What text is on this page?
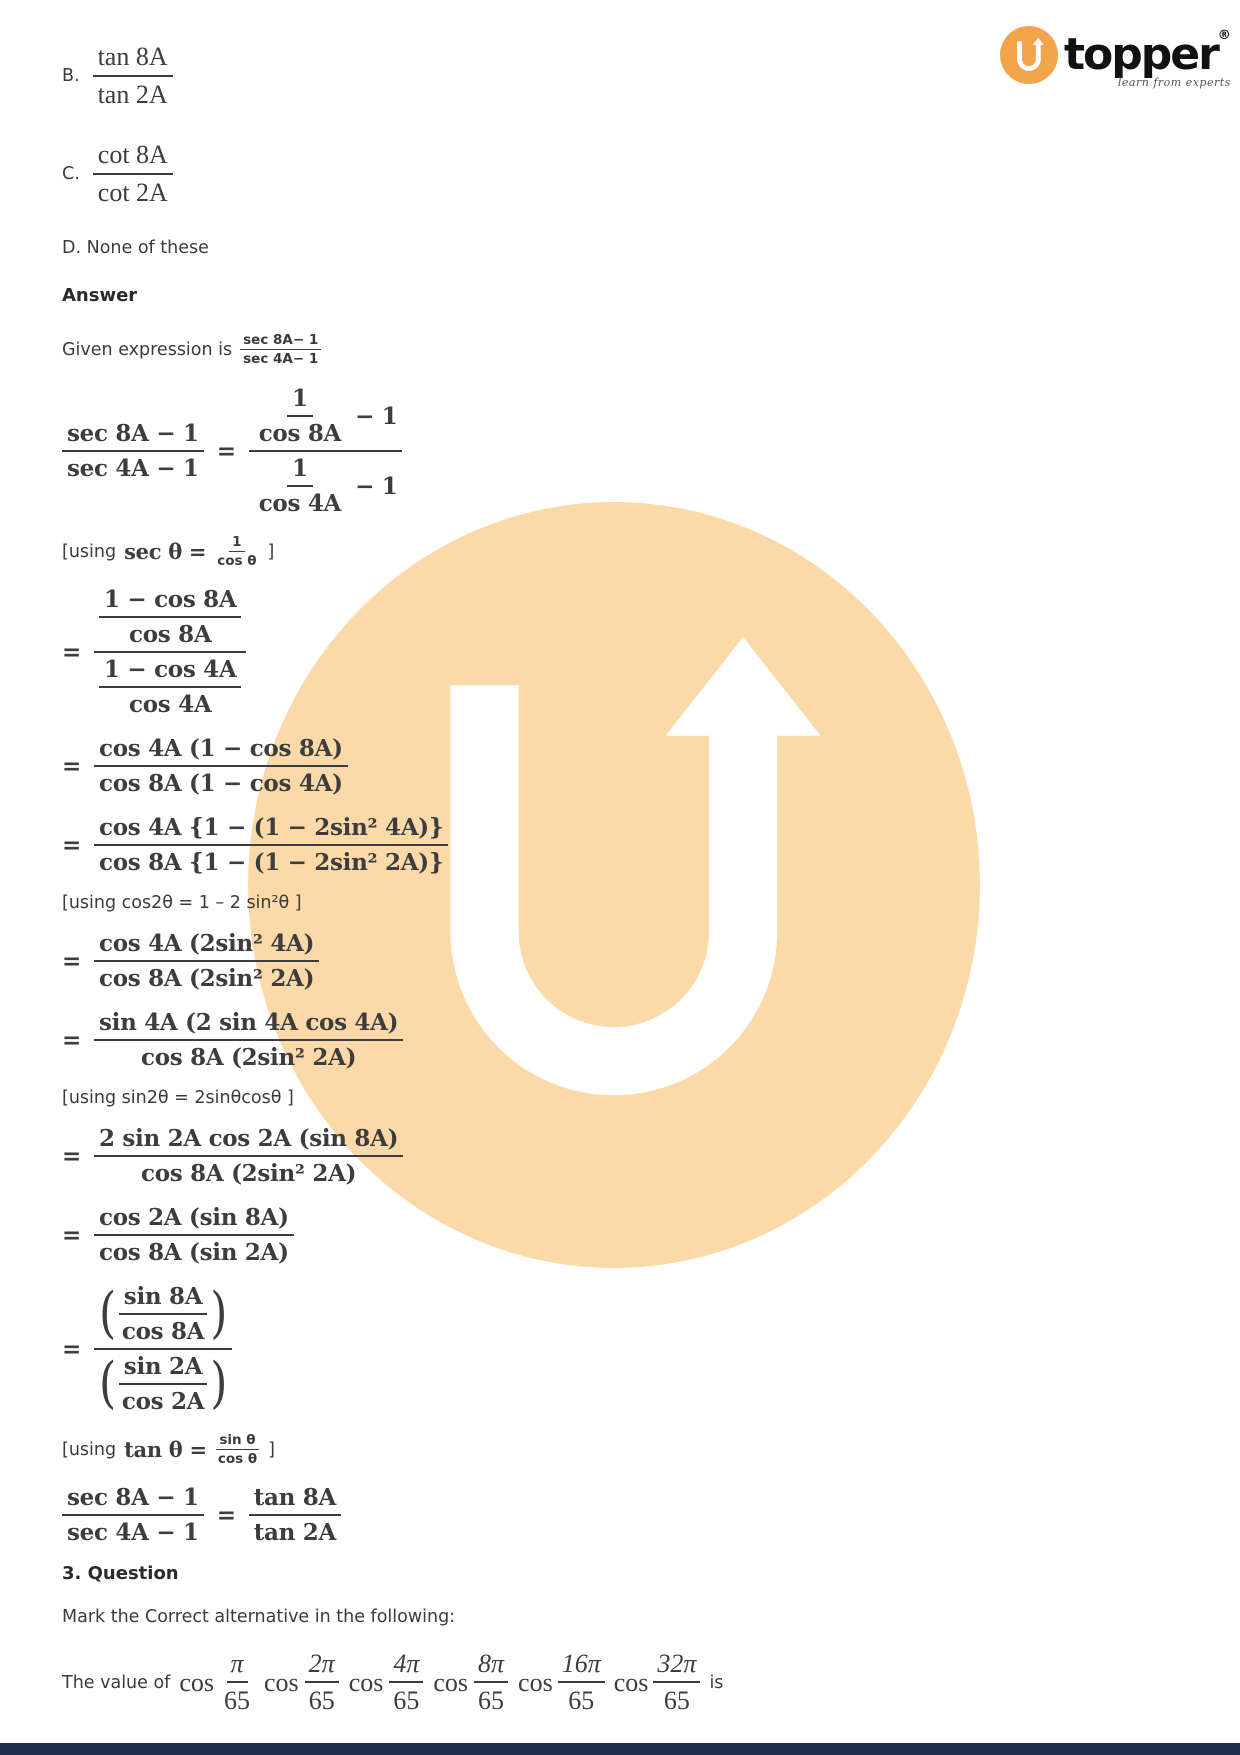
topper®
learn from experts
B. $\frac{\tan 8A}{\tan 2A}$
C. $\frac{\cot 8A}{\cot 2A}$
D. None of these
Answer
Given expression is $\frac{\sec 8A- 1}{\sec 4A- 1}$
$\frac{\sec 8A - 1}{\sec 4A - 1} = \frac{\frac{1}{\cos 8A} - 1}{\frac{1}{\cos 4A} - 1}$
[using $\sec \theta = \frac{1}{\text{cos θ}}$ ]
= $\frac{\frac{1 - \cos 8A}{\cos 8A}}{\frac{1 - \cos 4A}{\cos 4A}}$
= $\frac{\cos 4A (1 - \cos 8A)}{\cos 8A (1 - \cos 4A)}$
= $\frac{\text{cos 4A \{1 − (1 − 2sin² 4A)\}}}{\text{cos 8A \{1 − (1 − 2sin² 2A)\}}}$
[using cos2θ = 1 – 2 sin²θ ]
= $\frac{\text{cos 4A (2sin² 4A)}}{\text{cos 8A (2sin² 2A)}}$
= $\frac{\text{sin 4A (2 sin 4A cos 4A)}}{\text{cos 8A (2sin² 2A)}}$
[using sin2θ = 2sinθcosθ ]
= $\frac{\text{2 sin 2A cos 2A (sin 8A)}}{\text{cos 8A (2sin² 2A)}}$
= $\frac{\cos 2A (\sin 8A)}{\cos 8A (\sin 2A)}$
=
( $\frac{\sin 8A}{\cos 8A}$ )
( $\frac{\sin 2A}{\cos 2A}$ )
[using $\tan \theta = \frac{\text{sin θ}}{\text{cos θ}}$ ]
$\frac{\sec 8A - 1}{\sec 4A - 1} = \frac{\tan 8A}{\tan 2A}$
3. Question
Mark the Correct alternative in the following:
The value of $\cos \frac{\pi}{65}$ $\cos \frac{2\pi}{65}$ $\cos \frac{4\pi}{65}$ $\cos \frac{8\pi}{65}$ $\cos \frac{16\pi}{65}$ $\cos \frac{32\pi}{65}$ is
